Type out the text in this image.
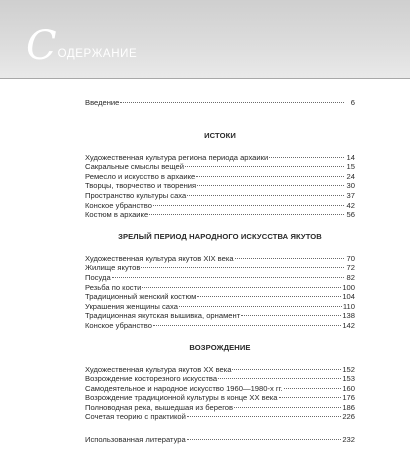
С ОДЕРЖАНИЕ
Введение	6
ИСТОКИ
Художественная культура региона периода архаики	14
Сакральные смыслы вещей	15
Ремесло и искусство в архаике	24
Творцы, творчество и творения	30
Пространство культуры саха	37
Конское убранство	42
Костюм в архаике	56
ЗРЕЛЫЙ ПЕРИОД НАРОДНОГО ИСКУССТВА ЯКУТОВ
Художественная культура якутов XIX века	70
Жилище якутов	72
Посуда	82
Резьба по кости	100
Традиционный женский костюм	104
Украшения женщины саха	110
Традиционная якутская вышивка, орнамент	138
Конское убранство	142
ВОЗРОЖДЕНИЕ
Художественная культура якутов XX века	152
Возрождение косторезного искусства	153
Самодеятельное и народное искусство 1960—1980-х гг.	160
Возрождение традиционной культуры в конце XX века	176
Полноводная река, вышедшая из берегов	186
Сочетая теорию с практикой	226
Использованная литература	232
